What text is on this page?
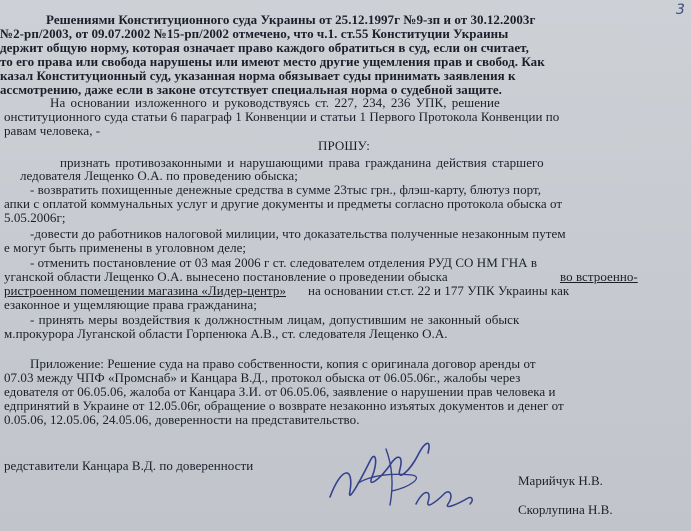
3
Решениями Конституционного суда Украины от 25.12.1997г №9-зп и от 30.12.2003г
№2-рп/2003, от 09.07.2002 №15-рп/2002 отмечено, что ч.1. ст.55 Конституции Украины
держит общую норму, которая означает право каждого обратиться в суд, если он считает,
то его права или свобода нарушены или имеют место другие ущемления прав и свобод. Как
казал Конституционный суд, указанная норма обязывает суды принимать заявления к
ассмотрению, даже если в законе отсутствует специальная норма о судебной защите.
На основании изложенного и руководствуясь ст. 227, 234, 236 УПК, решение
онституционного суда статьи 6 параграф 1 Конвенции и статьи 1 Первого Протокола Конвенции по
равам человека, -
ПРОШУ:
признать противозаконными и нарушающими права гражданина действия старшего
ледователя Лещенко О.А. по проведению обыска;
- возвратить похищенные денежные средства в сумме 23тыс грн., флэш-карту, блютуз порт,
апки с оплатой коммунальных услуг и другие документы и предметы согласно протокола обыска от
5.05.2006г;
-довести до работников налоговой милиции, что доказательства полученные незаконным путем
е могут быть применены в уголовном деле;
- отменить постановление от 03 мая 2006 г ст. следователем отделения РУД СО НМ ГНА в
уганской области Лещенко О.А. вынесено постановление о проведении обыска	во встроенно-
ристроенном помещении магазина «Лидер-центр» на основании ст.ст. 22 и 177 УПК Украины как
езаконное и ущемляющие права гражданина;
- принять меры воздействия к должностным лицам, допустившим не законный обыск
м.прокурора Луганской области Горпенюка А.В., ст. следователя Лещенко О.А.
Приложение: Решение суда на право собственности, копия с оригинала договор аренды от
07.03 между ЧПФ «Промснаб» и Канцара В.Д., протокол обыска от 06.05.06г., жалобы через
едователя от 06.05.06, жалоба от Канцара З.И. от 06.05.06, заявление о нарушении прав человека и
едпринятий в Украине от 12.05.06г, обращение о возврате незаконно изъятых документов и денег от
0.05.06, 12.05.06, 24.05.06, доверенности на представительство.
редставители Канцара В.Д. по доверенности
Марийчук Н.В.
Скорлупина Н.В.
